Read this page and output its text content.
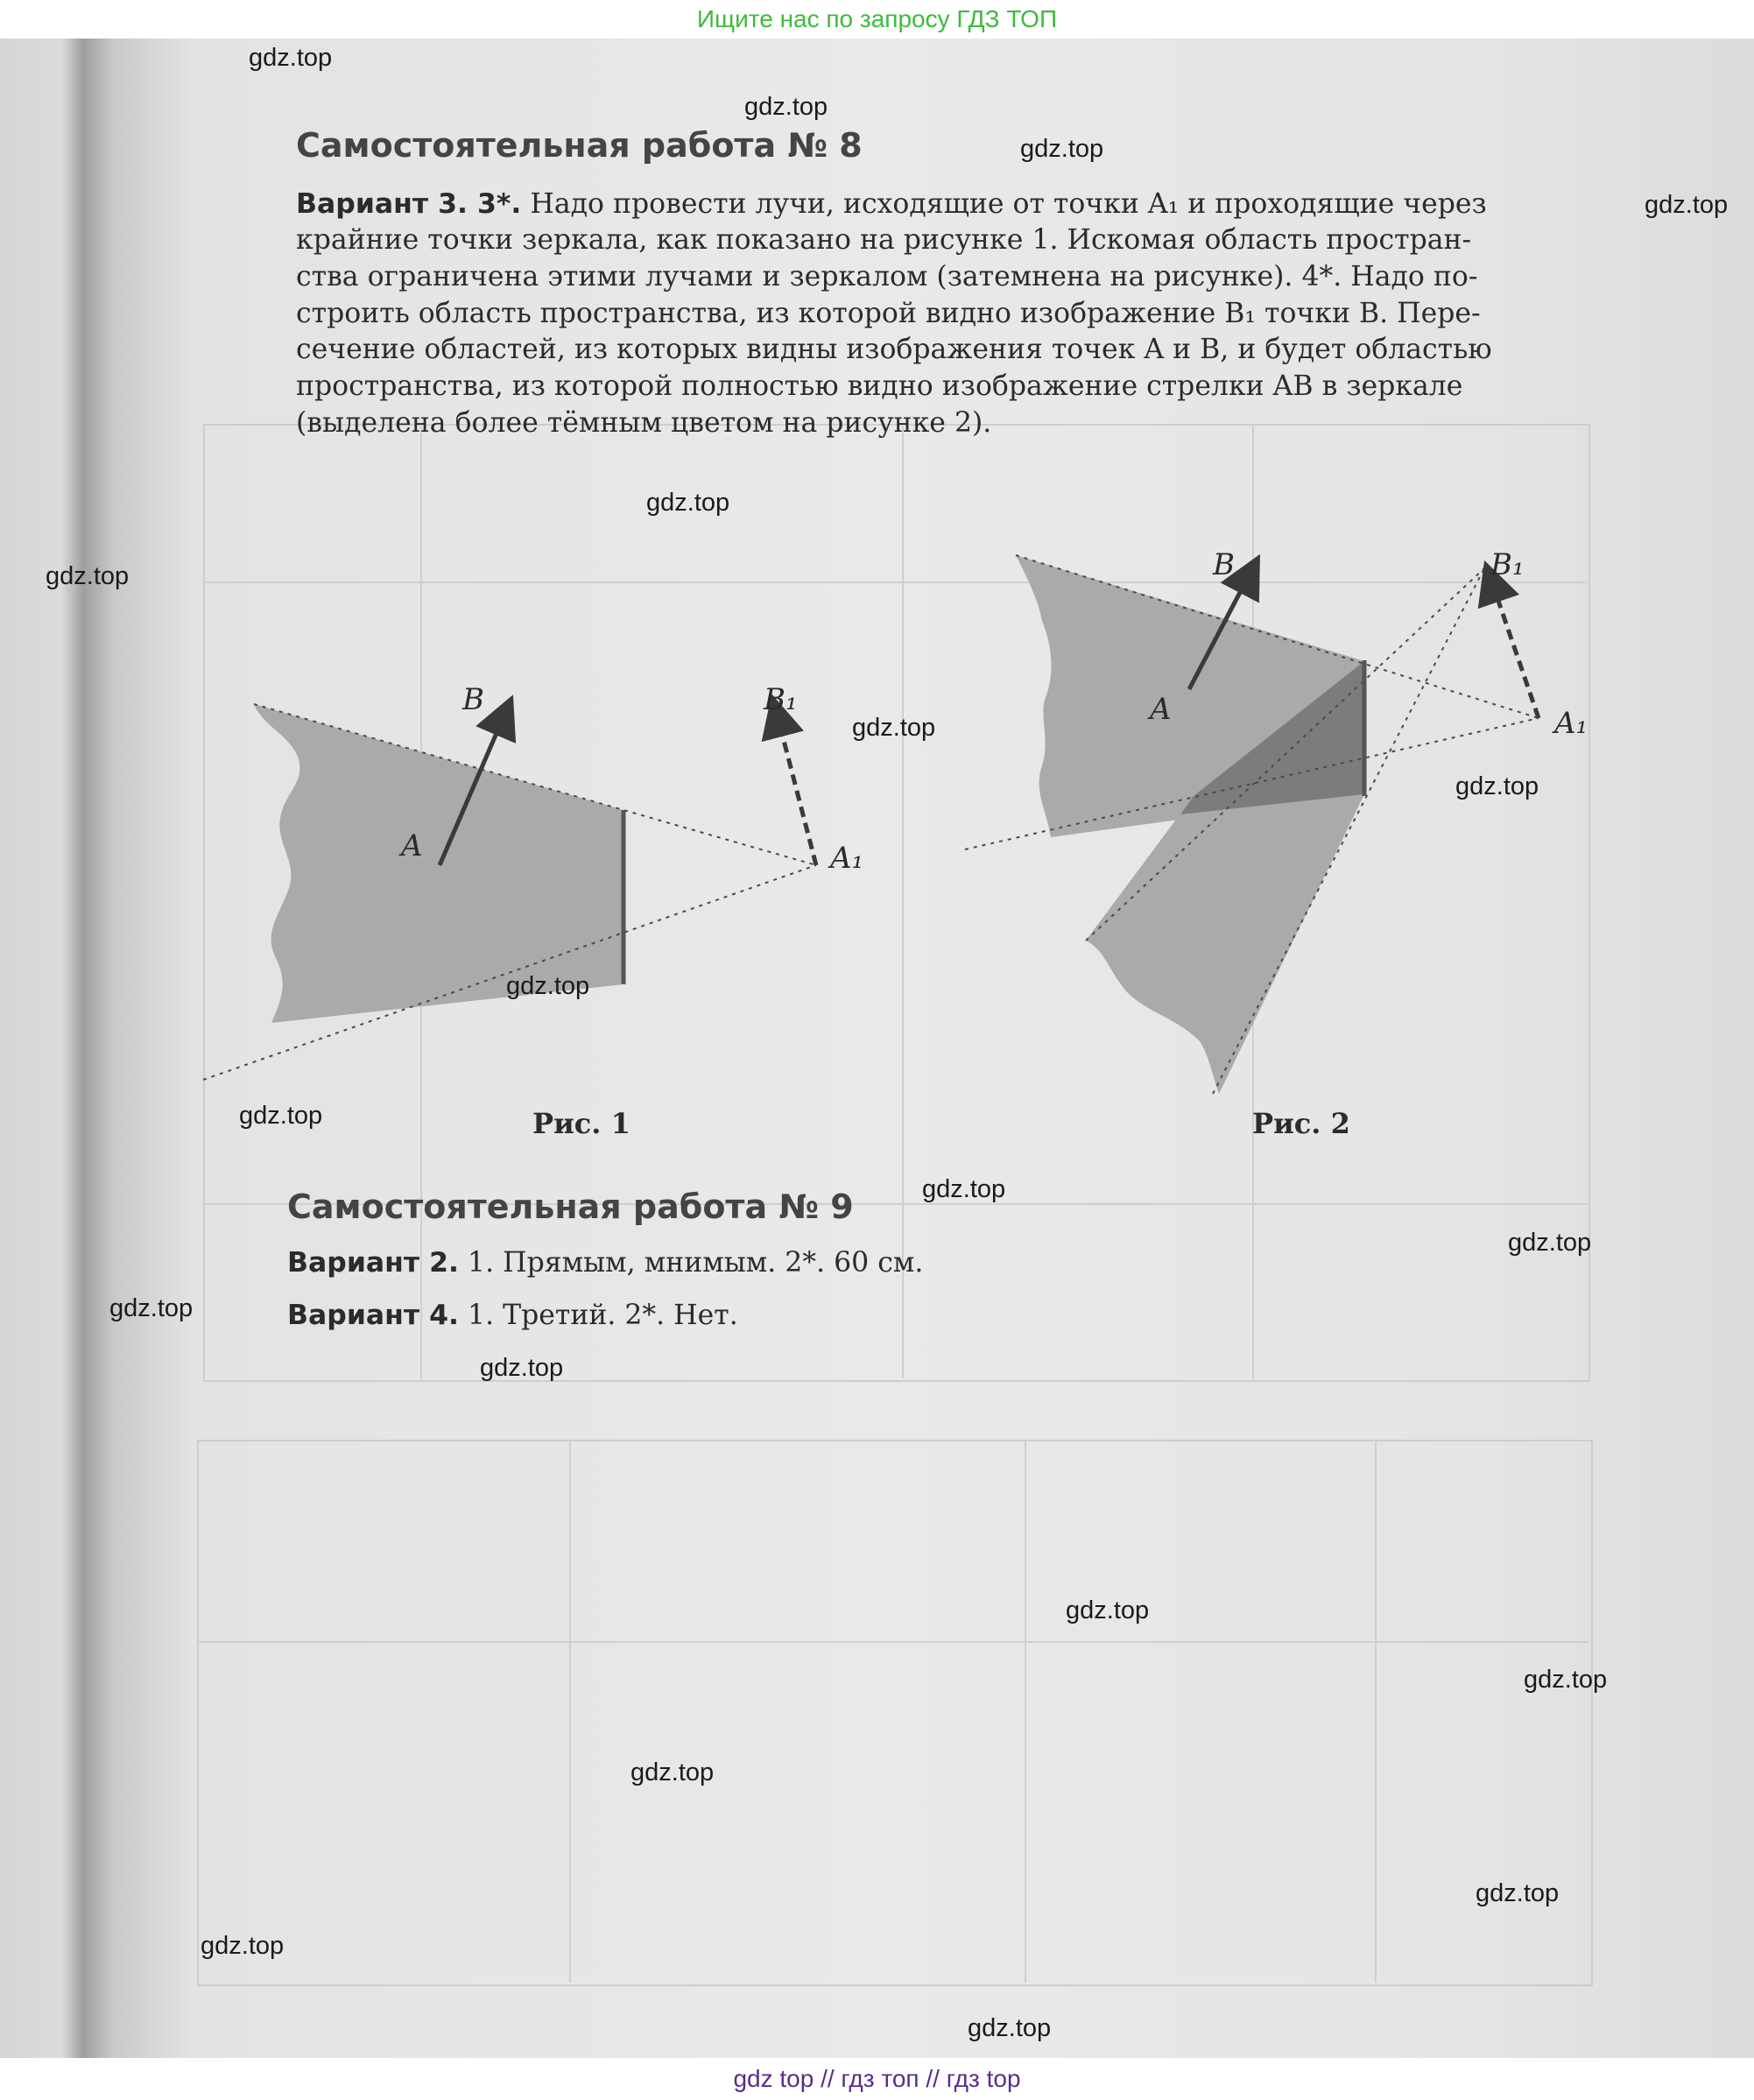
Ищите нас по запросу ГДЗ ТОП
Самостоятельная работа № 8
Вариант 3. 3*. Надо провести лучи, исходящие от точки A₁ и проходящие через
крайние точки зеркала, как показано на рисунке 1. Искомая область простран-
ства ограничена этими лучами и зеркалом (затемнена на рисунке). 4*. Надо по-
строить область пространства, из которой видно изображение B₁ точки B. Пере-
сечение областей, из которых видны изображения точек A и B, и будет областью
пространства, из которой полностью видно изображение стрелки AB в зеркале
(выделена более тёмным цветом на рисунке 2).
A
B	B₁
A₁
Рис. 1
A
B	B₁
A₁
Рис. 2
Самостоятельная работа № 9
Вариант 2. 1. Прямым, мнимым. 2*. 60 см.
Вариант 4. 1. Третий. 2*. Нет.
gdz.top
gdz.top
gdz.top
gdz.top
gdz.top
gdz.top
gdz.top
gdz.top
gdz.top
gdz.top
gdz.top
gdz.top
gdz.top
gdz.top
gdz.top
gdz.top
gdz.top
gdz.top
gdz.top
gdz.top
gdz top // гдз топ // гдз top
